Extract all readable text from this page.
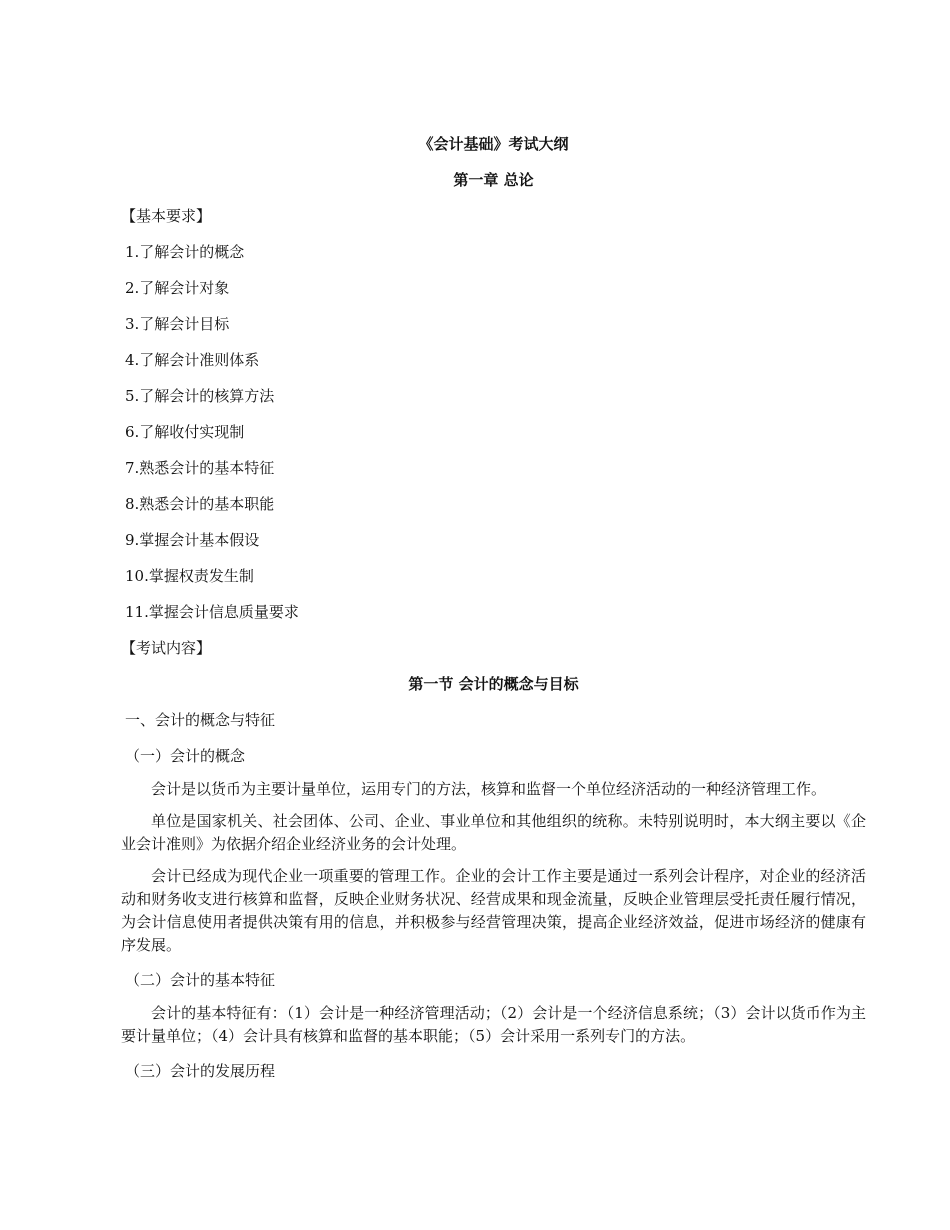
《会计基础》考试大纲
第一章 总论
【基本要求】
1.了解会计的概念
2.了解会计对象
3.了解会计目标
4.了解会计准则体系
5.了解会计的核算方法
6.了解收付实现制
7.熟悉会计的基本特征
8.熟悉会计的基本职能
9.掌握会计基本假设
10.掌握权责发生制
11.掌握会计信息质量要求
【考试内容】
第一节 会计的概念与目标
一、会计的概念与特征
（一）会计的概念

会计是以货币为主要计量单位，运用专门的方法，核算和监督一个单位经济活动的一种经济管理工作。

单位是国家机关、社会团体、公司、企业、事业单位和其他组织的统称。未特别说明时，本大纲主要以《企业会计准则》为依据介绍企业经济业务的会计处理。

会计已经成为现代企业一项重要的管理工作。企业的会计工作主要是通过一系列会计程序，对企业的经济活动和财务收支进行核算和监督，反映企业财务状况、经营成果和现金流量，反映企业管理层受托责任履行情况，为会计信息使用者提供决策有用的信息，并积极参与经营管理决策，提高企业经济效益，促进市场经济的健康有序发展。

（二）会计的基本特征

会计的基本特征有：（1）会计是一种经济管理活动；（2）会计是一个经济信息系统；（3）会计以货币作为主要计量单位；（4）会计具有核算和监督的基本职能；（5）会计采用一系列专门的方法。

（三）会计的发展历程
